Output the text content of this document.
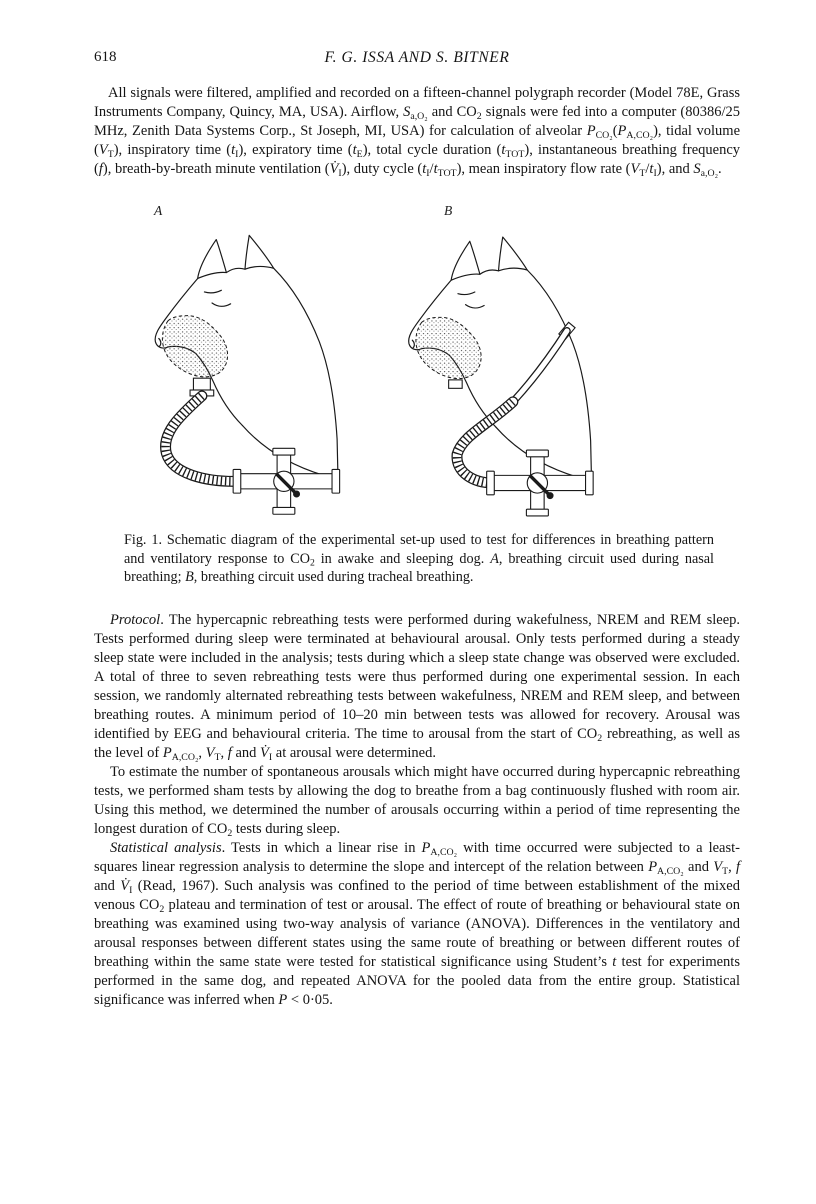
618	F. G. ISSA AND S. BITNER

All signals were filtered, amplified and recorded on a fifteen-channel polygraph recorder (Model 78E, Grass Instruments Company, Quincy, MA, USA). Airflow, $S_{a,O_2}$ and $CO_2$ signals were fed into a computer (80386/25 MHz, Zenith Data Systems Corp., St Joseph, MI, USA) for calculation of alveolar $P_{CO_2}(P_{A,CO_2})$, tidal volume $(V_T)$, inspiratory time $(t_I)$, expiratory time $(t_E)$, total cycle duration $(t_{TOT})$, instantaneous breathing frequency (f), breath-by-breath minute ventilation $(V̇_I)$, duty cycle $(t_I/t_{TOT})$, mean inspiratory flow rate $(V_T/t_I)$, and $S_{a,O_2}$.

A	B

Fig. 1. Schematic diagram of the experimental set-up used to test for differences in breathing pattern and ventilatory response to $CO_2$ in awake and sleeping dog. A, breathing circuit used during nasal breathing; B, breathing circuit used during tracheal breathing.

Protocol. The hypercapnic rebreathing tests were performed during wakefulness, NREM and REM sleep. Tests performed during sleep were terminated at behavioural arousal. Only tests performed during a steady sleep state were included in the analysis; tests during which a sleep state change was observed were excluded. A total of three to seven rebreathing tests were thus performed during one experimental session. In each session, we randomly alternated rebreathing tests between wakefulness, NREM and REM sleep, and between breathing routes. A minimum period of 10–20 min between tests was allowed for recovery. Arousal was identified by EEG and behavioural criteria. The time to arousal from the start of $CO_2$ rebreathing, as well as the level of $P_{A,CO_2}$, $V_T$, f and $V̇_I$ at arousal were determined.

To estimate the number of spontaneous arousals which might have occurred during hypercapnic rebreathing tests, we performed sham tests by allowing the dog to breathe from a bag continuously flushed with room air. Using this method, we determined the number of arousals occurring within a period of time representing the longest duration of $CO_2$ tests during sleep.

Statistical analysis. Tests in which a linear rise in $P_{A,CO_2}$ with time occurred were subjected to a least-squares linear regression analysis to determine the slope and intercept of the relation between $P_{A,CO_2}$ and $V_T$, f and $V̇_I$ (Read, 1967). Such analysis was confined to the period of time between establishment of the mixed venous $CO_2$ plateau and termination of test or arousal. The effect of route of breathing or behavioural state on breathing was examined using two-way analysis of variance (ANOVA). Differences in the ventilatory and arousal responses between different states using the same route of breathing or between different routes of breathing within the same state were tested for statistical significance using Student’s t test for experiments performed in the same dog, and repeated ANOVA for the pooled data from the entire group. Statistical significance was inferred when P < 0·05.
